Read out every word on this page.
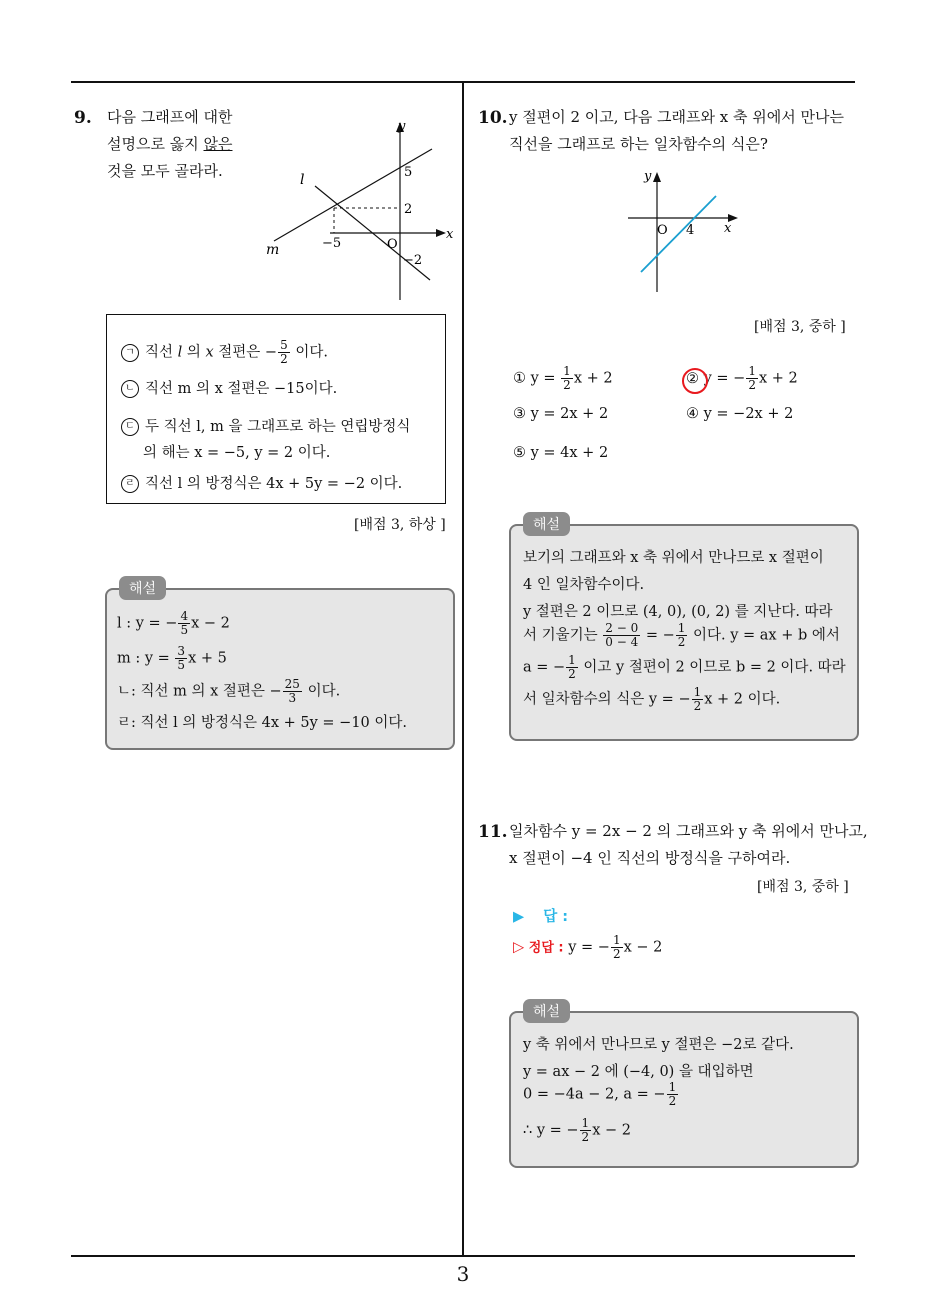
9. 다음 그래프에 대한
설명으로 옳지 않은
것을 모두 골라라.
y
x
l
m
5
2
−5	O
−2
ㄱ 직선 l 의 x 절편은 − $\frac{5}{2}$ 이다.
ㄴ 직선 m 의 x 절편은 −15이다.
ㄷ 두 직선 l, m 을 그래프로 하는 연립방정식
의 해는 x = −5, y = 2 이다.
ㄹ 직선 l 의 방정식은 4x + 5y = −2 이다.
[배점 3, 하상 ]
해설
l : y = − $\frac{4}{5}$ x − 2
m : $y = \frac{3}{5}$ x + 5
ㄴ: 직선 m 의 x 절편은 − $\frac{25}{3}$ 이다.
ㄹ: 직선 l 의 방정식은 4x + 5y = −10 이다.
10. y 절편이 2 이고, 다음 그래프와 x 축 위에서 만나는
직선을 그래프로 하는 일차함수의 식은?
y
x
O 4
[배점 3, 중하 ]
① $y = \frac{1}{2}$ x + 2	② y = − $\frac{1}{2}$ x + 2
③ y = 2x + 2	④ y = −2x + 2
⑤ y = 4x + 2
해설
보기의 그래프와 x 축 위에서 만나므로 x 절편이
4 인 일차함수이다.
y 절편은 2 이므로 (4, 0), (0, 2) 를 지난다. 따라
서 기울기는 $\frac{2 - 0}{0 - 4}$ = − $\frac{1}{2}$ 이다. y = ax + b 에서
a = − $\frac{1}{2}$ 이고 y 절편이 2 이므로 b = 2 이다. 따라
서 일차함수의 식은 y = − $\frac{1}{2}$ x + 2 이다.
11. 일차함수 y = 2x − 2 의 그래프와 y 축 위에서 만나고,
x 절편이 −4 인 직선의 방정식을 구하여라.
[배점 3, 중하 ]
▶ 답 :
▷ 정답 : y = − $\frac{1}{2}$ x − 2
해설
y 축 위에서 만나므로 y 절편은 −2로 같다.
y = ax − 2 에 (−4, 0) 을 대입하면
0 = −4a − 2, a = − $\frac{1}{2}$
∴ y = − $\frac{1}{2}$ x − 2
3
